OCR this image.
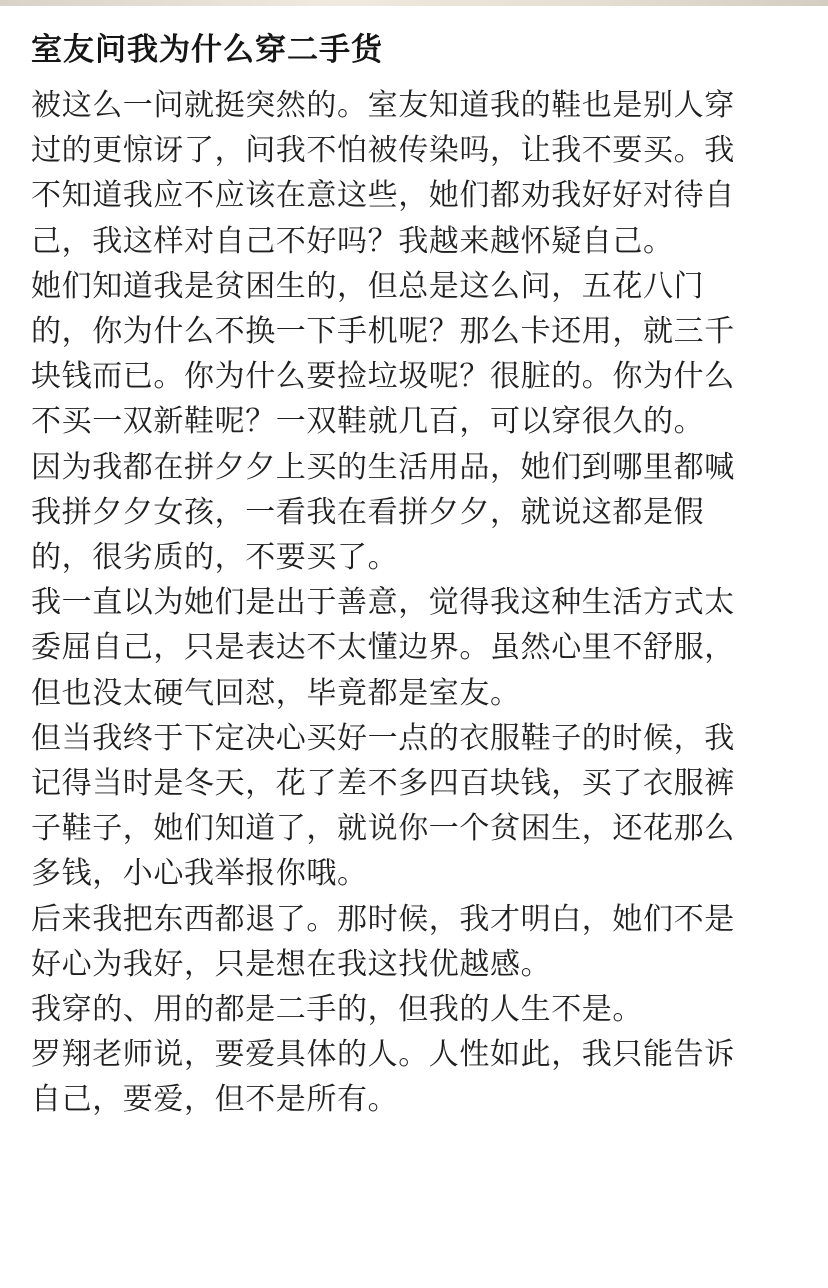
室友问我为什么穿二手货

被这么一问就挺突然的。室友知道我的鞋也是别人穿
过的更惊讶了，问我不怕被传染吗，让我不要买。我
不知道我应不应该在意这些，她们都劝我好好对待自
己，我这样对自己不好吗？我越来越怀疑自己。

她们知道我是贫困生的，但总是这么问，五花八门
的，你为什么不换一下手机呢？那么卡还用，就三千
块钱而已。你为什么要捡垃圾呢？很脏的。你为什么
不买一双新鞋呢？一双鞋就几百，可以穿很久的。

因为我都在拼夕夕上买的生活用品，她们到哪里都喊
我拼夕夕女孩，一看我在看拼夕夕，就说这都是假
的，很劣质的，不要买了。

我一直以为她们是出于善意，觉得我这种生活方式太
委屈自己，只是表达不太懂边界。虽然心里不舒服，
但也没太硬气回怼，毕竟都是室友。

但当我终于下定决心买好一点的衣服鞋子的时候，我
记得当时是冬天，花了差不多四百块钱，买了衣服裤
子鞋子，她们知道了，就说你一个贫困生，还花那么
多钱，小心我举报你哦。

后来我把东西都退了。那时候，我才明白，她们不是
好心为我好，只是想在我这找优越感。

我穿的、用的都是二手的，但我的人生不是。

罗翔老师说，要爱具体的人。人性如此，我只能告诉
自己，要爱，但不是所有。
